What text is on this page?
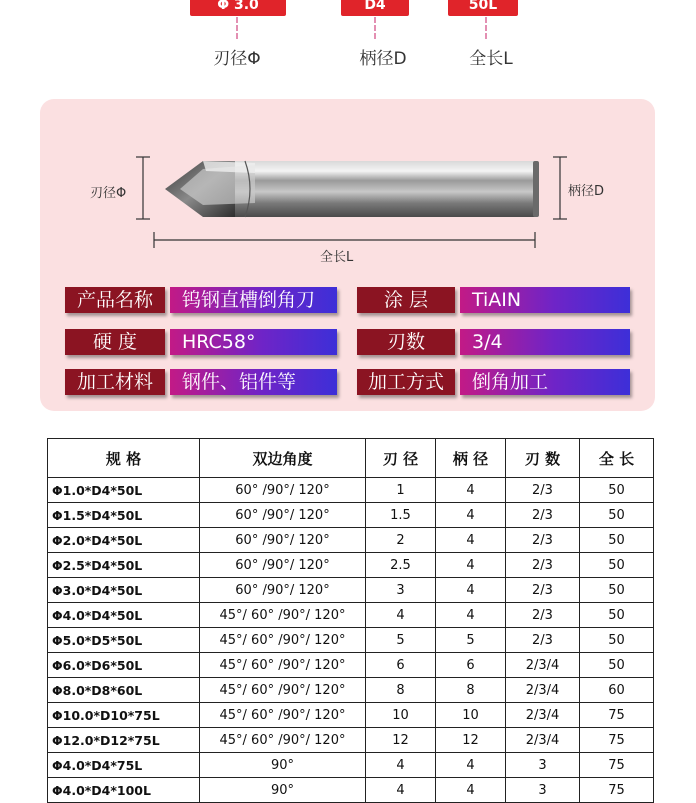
Φ 3.0
刃径Φ
D4
柄径D
50L
全长L
刃径Φ	柄径D
全长L
产品名称	钨钢直槽倒角刀	涂 层	TiAIN
硬 度	HRC58°	刃数	3/4
加工材料	钢件、铝件等	加工方式	倒角加工
规 格	双边角度	刃 径	柄 径	刃 数	全 长
Φ1.0*D4*50L	60° /90°/ 120°	1	4	2/3	50
Φ1.5*D4*50L	60° /90°/ 120°	1.5	4	2/3	50
Φ2.0*D4*50L	60° /90°/ 120°	2	4	2/3	50
Φ2.5*D4*50L	60° /90°/ 120°	2.5	4	2/3	50
Φ3.0*D4*50L	60° /90°/ 120°	3	4	2/3	50
Φ4.0*D4*50L	45°/ 60° /90°/ 120°	4	4	2/3	50
Φ5.0*D5*50L	45°/ 60° /90°/ 120°	5	5	2/3	50
Φ6.0*D6*50L	45°/ 60° /90°/ 120°	6	6	2/3/4	50
Φ8.0*D8*60L	45°/ 60° /90°/ 120°	8	8	2/3/4	60
Φ10.0*D10*75L	45°/ 60° /90°/ 120°	10	10	2/3/4	75
Φ12.0*D12*75L	45°/ 60° /90°/ 120°	12	12	2/3/4	75
Φ4.0*D4*75L	90°	4	4	3	75
Φ4.0*D4*100L	90°	4	4	3	75
